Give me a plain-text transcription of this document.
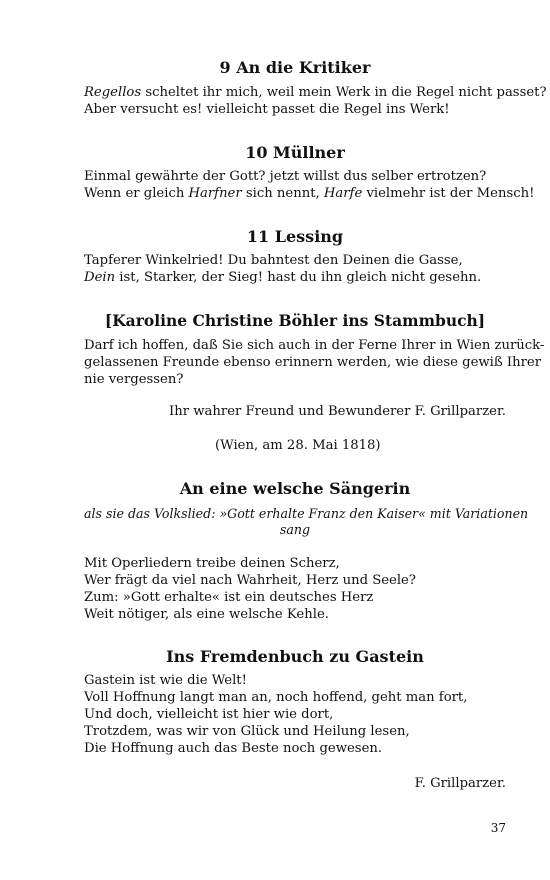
9 An die Kritiker
Regellos scheltet ihr mich, weil mein Werk in die Regel nicht passet?
Aber versucht es! vielleicht passet die Regel ins Werk!
10 Müllner
Einmal gewährte der Gott? jetzt willst dus selber ertrotzen?
Wenn er gleich Harfner sich nennt, Harfe vielmehr ist der Mensch!
11 Lessing
Tapferer Winkelried! Du bahntest den Deinen die Gasse,
Dein ist, Starker, der Sieg! hast du ihn gleich nicht gesehn.
[Karoline Christine Böhler ins Stammbuch]
Darf ich hoffen, daß Sie sich auch in der Ferne Ihrer in Wien zurück-
gelassenen Freunde ebenso erinnern werden, wie diese gewiß Ihrer
nie vergessen?
Ihr wahrer Freund und Bewunderer F. Grillparzer.
(Wien, am 28. Mai 1818)
An eine welsche Sängerin
als sie das Volkslied: »Gott erhalte Franz den Kaiser« mit Variationen
sang
Mit Operliedern treibe deinen Scherz,
Wer frägt da viel nach Wahrheit, Herz und Seele?
Zum: »Gott erhalte« ist ein deutsches Herz
Weit nötiger, als eine welsche Kehle.
Ins Fremdenbuch zu Gastein
Gastein ist wie die Welt!
Voll Hoffnung langt man an, noch hoffend, geht man fort,
Und doch, vielleicht ist hier wie dort,
Trotzdem, was wir von Glück und Heilung lesen,
Die Hoffnung auch das Beste noch gewesen.
F. Grillparzer.
37
